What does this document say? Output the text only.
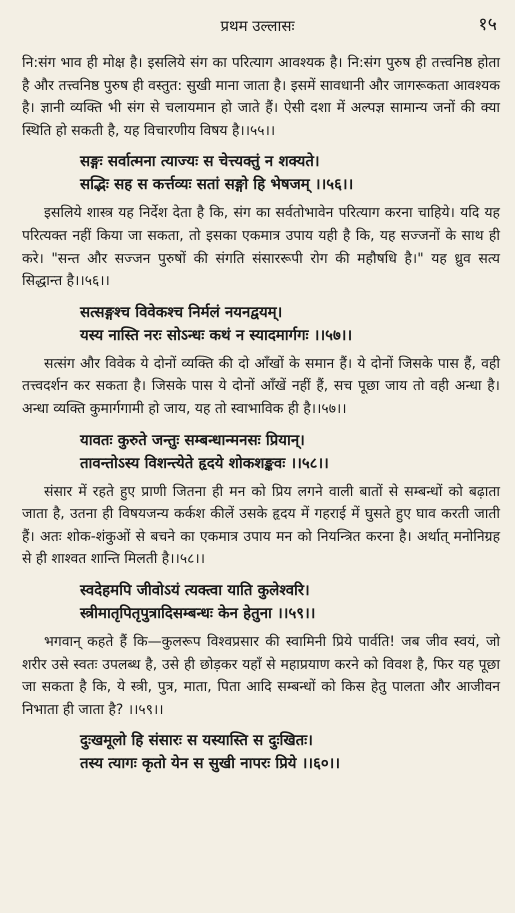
प्रथम उल्लासः	१५

नि:संग भाव ही मोक्ष है। इसलिये संग का परित्याग आवश्यक है। नि:संग पुरुष ही तत्त्वनिष्ठ होता है और तत्त्वनिष्ठ पुरुष ही वस्तुत: सुखी माना जाता है। इसमें सावधानी और जागरूकता आवश्यक है। ज्ञानी व्यक्ति भी संग से चलायमान हो जाते हैं। ऐसी दशा में अल्पज्ञ सामान्य जनों की क्या स्थिति हो सकती है, यह विचारणीय विषय है।।५५।।

सङ्गः सर्वात्मना त्याज्यः स चेत्त्यक्तुं न शक्यते।
सद्भिः सह स कर्त्तव्यः सतां सङ्गो हि भेषजम् ।।५६।।

इसलिये शास्त्र यह निर्देश देता है कि, संग का सर्वतोभावेन परित्याग करना चाहिये। यदि यह परित्यक्त नहीं किया जा सकता, तो इसका एकमात्र उपाय यही है कि, यह सज्जनों के साथ ही करे। "सन्त और सज्जन पुरुषों की संगति संसाररूपी रोग की महौषधि है।" यह ध्रुव सत्य सिद्धान्त है।।५६।।

सत्सङ्गश्च विवेकश्च निर्मलं नयनद्वयम्।
यस्य नास्ति नरः सोऽन्धः कथं न स्यादमार्गगः ।।५७।।

सत्संग और विवेक ये दोनों व्यक्ति की दो आँखों के समान हैं। ये दोनों जिसके पास हैं, वही तत्त्वदर्शन कर सकता है। जिसके पास ये दोनों आँखें नहीं हैं, सच पूछा जाय तो वही अन्धा है। अन्धा व्यक्ति कुमार्गगामी हो जाय, यह तो स्वाभाविक ही है।।५७।।

यावतः कुरुते जन्तुः सम्बन्धान्मनसः प्रियान्।
तावन्तोऽस्य विशन्त्येते हृदये शोकशङ्कवः ।।५८।।

संसार में रहते हुए प्राणी जितना ही मन को प्रिय लगने वाली बातों से सम्बन्धों को बढ़ाता जाता है, उतना ही विषयजन्य कर्कश कीलें उसके हृदय में गहराई में घुसते हुए घाव करती जाती हैं। अतः शोक-शंकुओं से बचने का एकमात्र उपाय मन को नियन्त्रित करना है। अर्थात् मनोनिग्रह से ही शाश्वत शान्ति मिलती है।।५८।।

स्वदेहमपि जीवोऽयं त्यक्त्वा याति कुलेश्वरि।
स्त्रीमातृपितृपुत्रादिसम्बन्धः केन हेतुना ।।५९।।

भगवान् कहते हैं कि—कुलरूप विश्वप्रसार की स्वामिनी प्रिये पार्वति! जब जीव स्वयं, जो शरीर उसे स्वतः उपलब्ध है, उसे ही छोड़कर यहाँ से महाप्रयाण करने को विवश है, फिर यह पूछा जा सकता है कि, ये स्त्री, पुत्र, माता, पिता आदि सम्बन्धों को किस हेतु पालता और आजीवन निभाता ही जाता है? ।।५९।।

दुःखमूलो हि संसारः स यस्यास्ति स दुःखितः।
तस्य त्यागः कृतो येन स सुखी नापरः प्रिये ।।६०।।
